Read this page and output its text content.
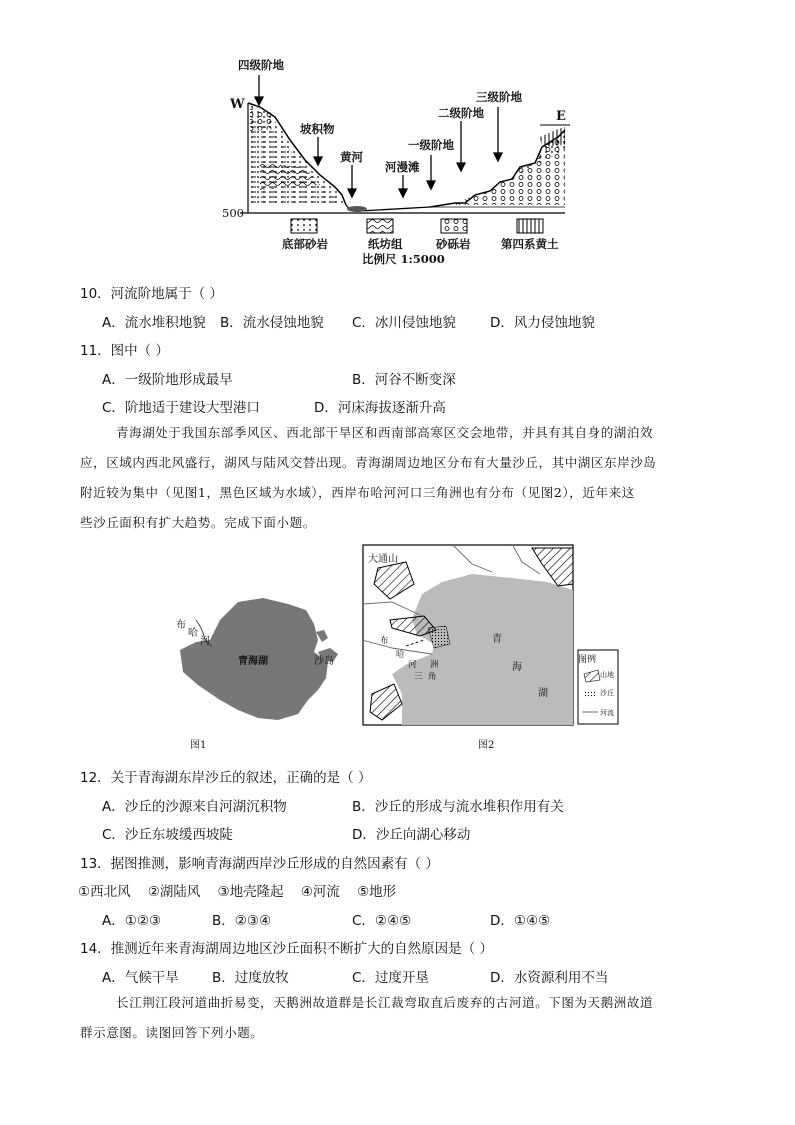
四级阶地
W
E
坡积物
黄河
河漫滩
一级阶地
二级阶地
三级阶地
500
底部砂岩	纸坊组	砂砾岩	第四系黄土
比例尺 1:5000
10．河流阶地属于（ ）
A．流水堆积地貌 B．流水侵蚀地貌 C．冰川侵蚀地貌	D．风力侵蚀地貌
11．图中（ ）
A．一级阶地形成最早	B．河谷不断变深
C．阶地适于建设大型港口	D．河床海拔逐渐升高
青海湖处于我国东部季风区、西北部干旱区和西南部高寒区交会地带，并具有其自身的湖泊效
应，区域内西北风盛行，湖风与陆风交替出现。青海湖周边地区分布有大量沙丘，其中湖区东岸沙岛
附近较为集中（见图1，黑色区域为水域），西岸布哈河河口三角洲也有分布（见图2），近年来这
些沙丘面积有扩大趋势。完成下面小题。
布
哈
河
青海湖	沙岛
图1
大通山
青
海
湖
布
哈
河 洲
三 角
图例
山地
沙丘
河流
图2
12．关于青海湖东岸沙丘的叙述，正确的是（ ）
A．沙丘的沙源来自河湖沉积物	B．沙丘的形成与流水堆积作用有关
C．沙丘东坡缓西坡陡	D．沙丘向湖心移动
13．据图推测，影响青海湖西岸沙丘形成的自然因素有（ ）
①西北风    ②湖陆风    ③地壳隆起    ④河流    ⑤地形
A．①②③	B．②③④	C．②④⑤	D．①④⑤
14．推测近年来青海湖周边地区沙丘面积不断扩大的自然原因是（ ）
A．气候干旱 B．过度放牧	C．过度开垦	D．水资源利用不当
长江荆江段河道曲折易变，天鹅洲故道群是长江裁弯取直后废弃的古河道。下图为天鹅洲故道
群示意图。读图回答下列小题。
